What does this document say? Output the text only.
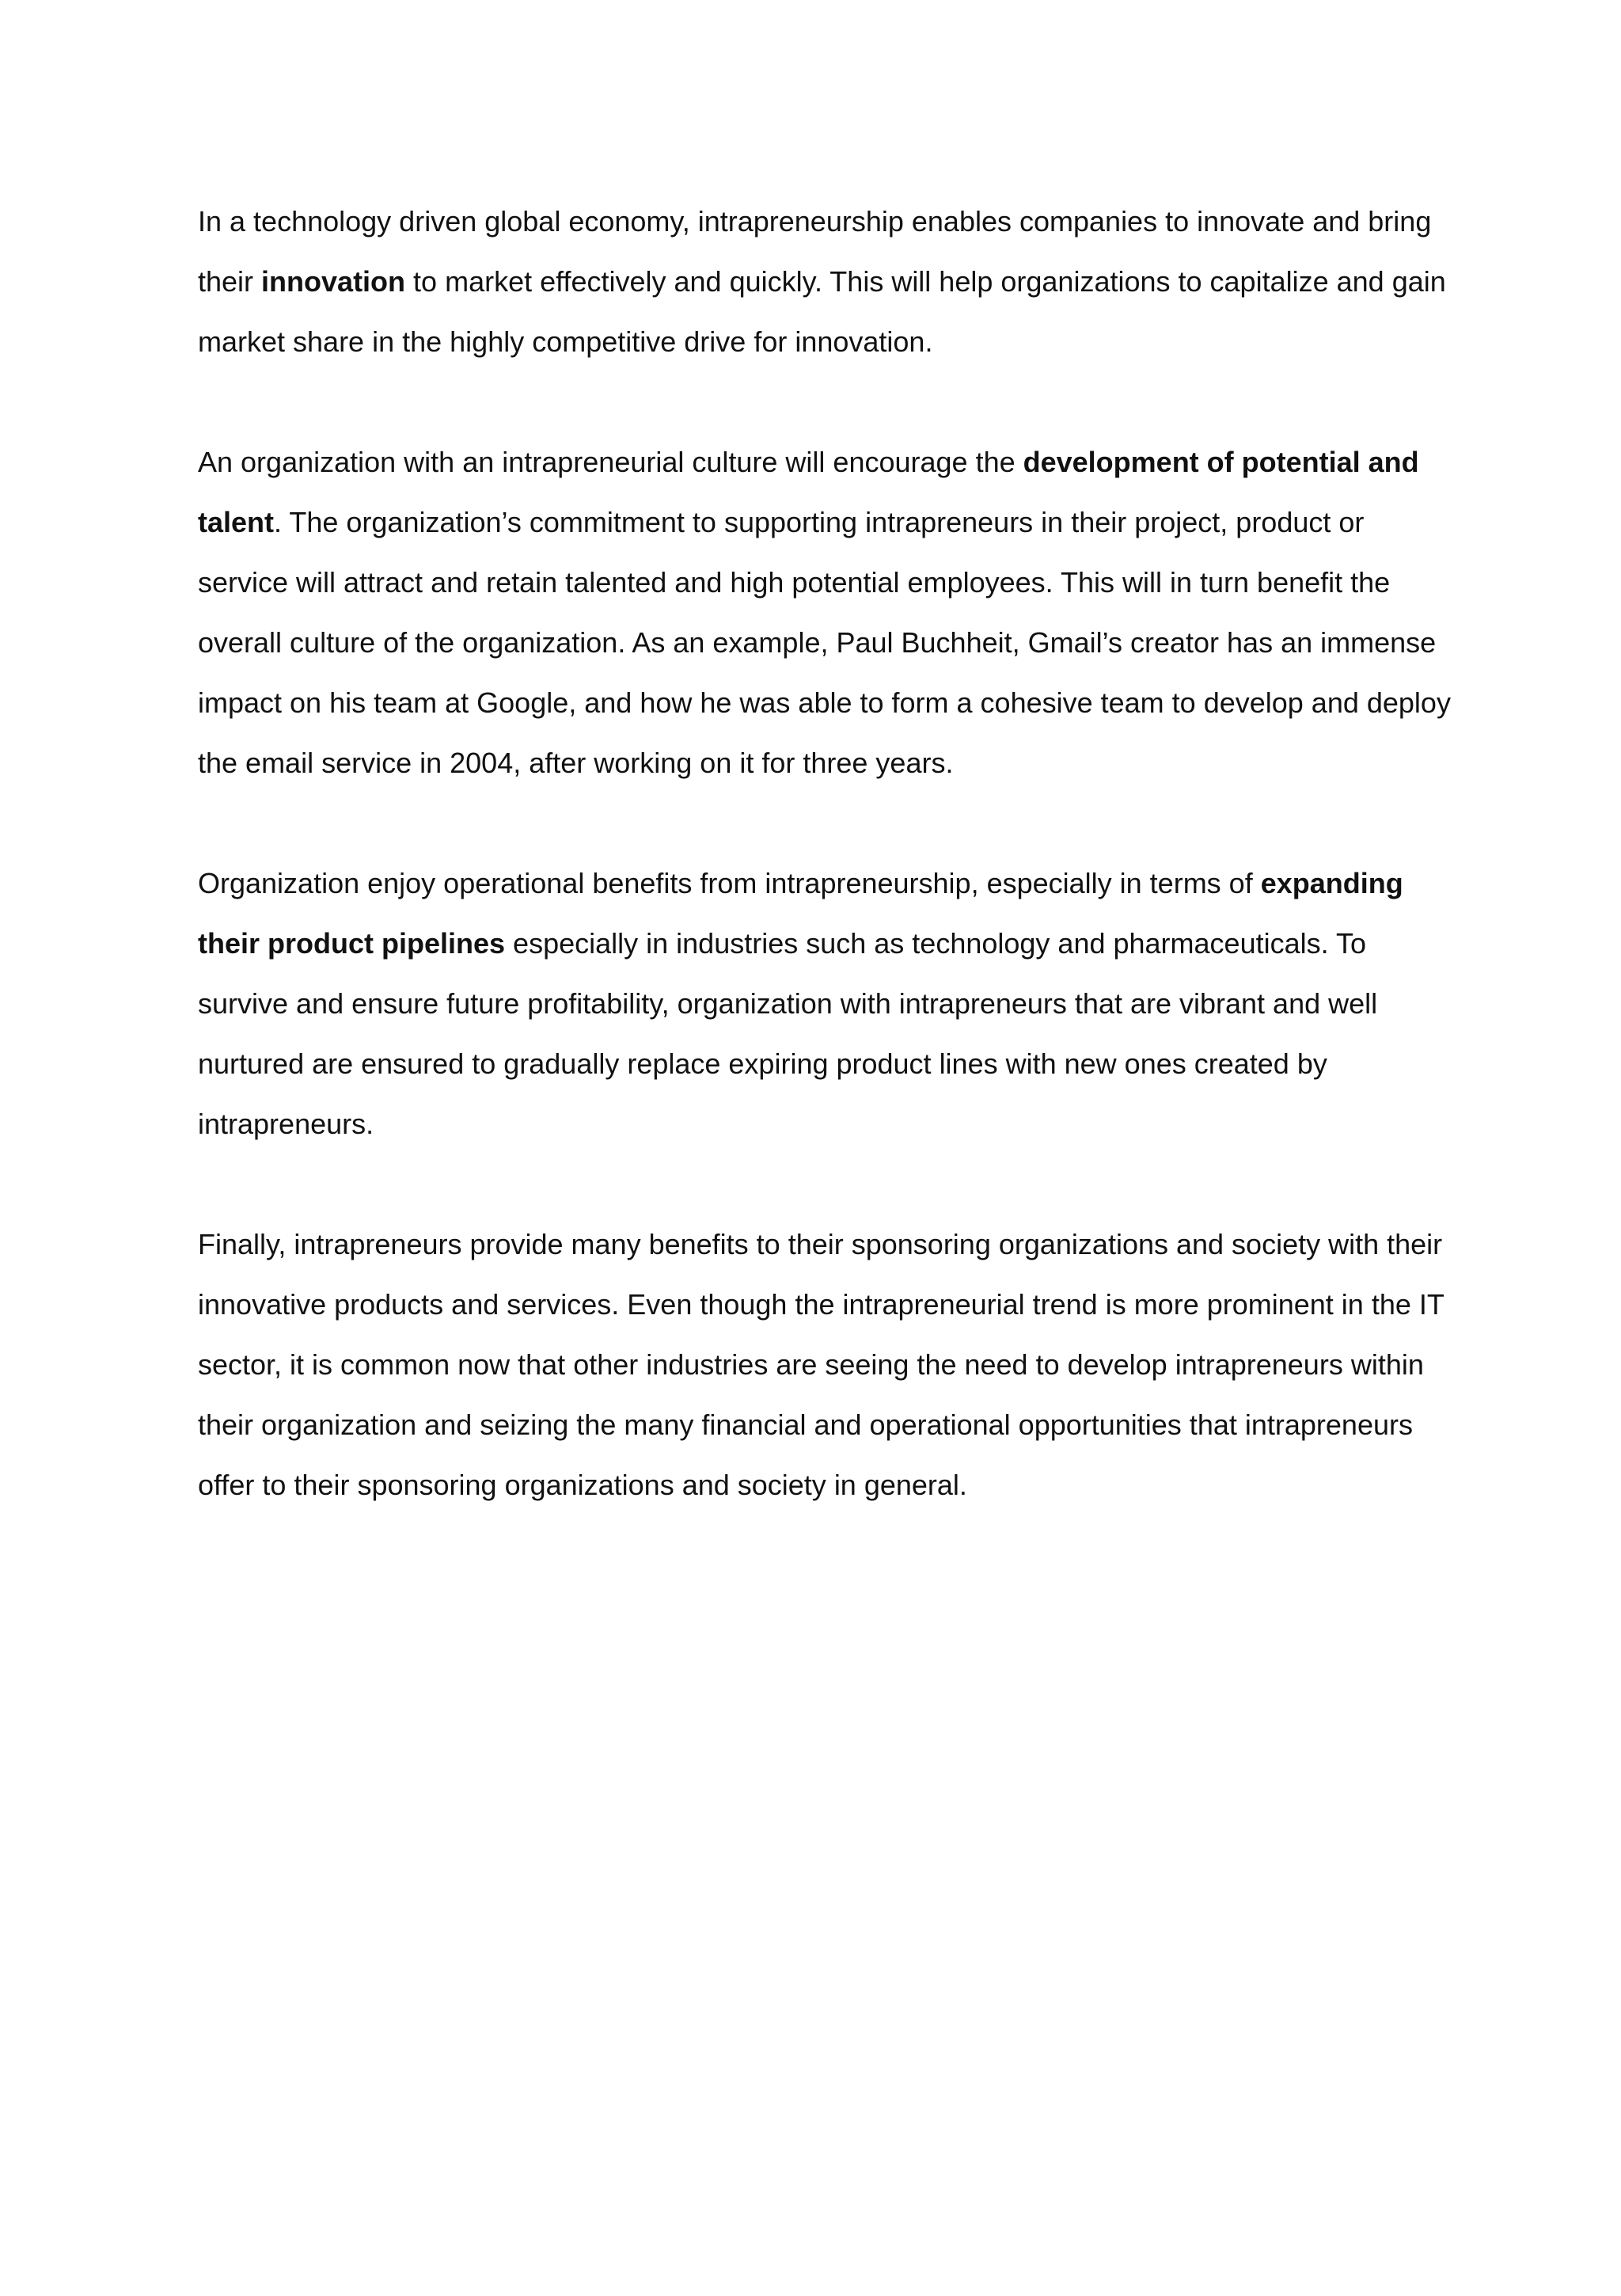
In a technology driven global economy, intrapreneurship enables companies to innovate and bring their innovation to market effectively and quickly. This will help organizations to capitalize and gain market share in the highly competitive drive for innovation.

An organization with an intrapreneurial culture will encourage the development of potential and talent. The organization’s commitment to supporting intrapreneurs in their project, product or service will attract and retain talented and high potential employees. This will in turn benefit the overall culture of the organization. As an example, Paul Buchheit, Gmail’s creator has an immense impact on his team at Google, and how he was able to form a cohesive team to develop and deploy the email service in 2004, after working on it for three years.

Organization enjoy operational benefits from intrapreneurship, especially in terms of expanding their product pipelines especially in industries such as technology and pharmaceuticals. To survive and ensure future profitability, organization with intrapreneurs that are vibrant and well nurtured are ensured to gradually replace expiring product lines with new ones created by intrapreneurs.

Finally, intrapreneurs provide many benefits to their sponsoring organizations and society with their innovative products and services. Even though the intrapreneurial trend is more prominent in the IT sector, it is common now that other industries are seeing the need to develop intrapreneurs within their organization and seizing the many financial and operational opportunities that intrapreneurs offer to their sponsoring organizations and society in general.
